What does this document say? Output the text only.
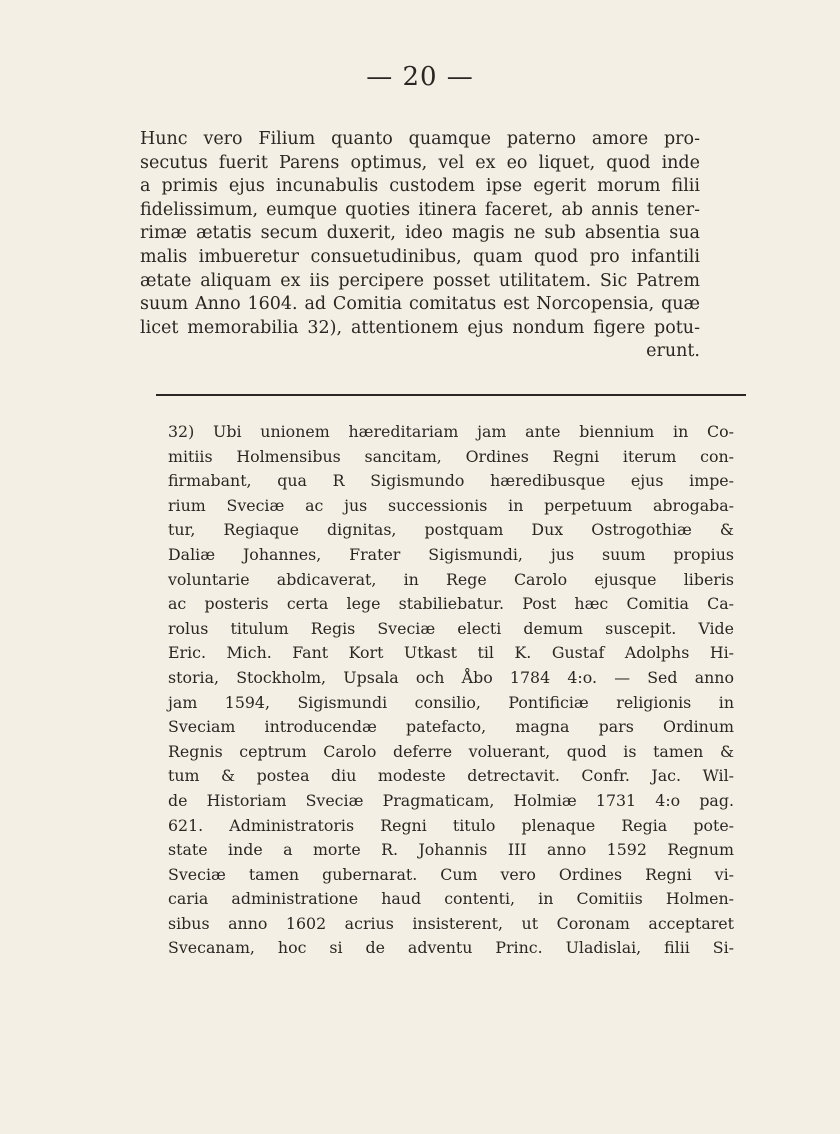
— 20 —
Hunc vero Filium quanto quamque paterno amore pro-
secutus fuerit Parens optimus, vel ex eo liquet, quod inde
a primis ejus incunabulis custodem ipse egerit morum filii
fidelissimum, eumque quoties itinera faceret, ab annis tener-
rimæ ætatis secum duxerit, ideo magis ne sub absentia sua
malis imbueretur consuetudinibus, quam quod pro infantili
ætate aliquam ex iis percipere posset utilitatem. Sic Patrem
suum Anno 1604. ad Comitia comitatus est Norcopensia, quæ
licet memorabilia 32), attentionem ejus nondum figere potu-
erunt.
32) Ubi unionem hæreditariam jam ante biennium in Co-
mitiis Holmensibus sancitam, Ordines Regni iterum con-
firmabant, qua R Sigismundo hæredibusque ejus impe-
rium Sveciæ ac jus successionis in perpetuum abrogaba-
tur, Regiaque dignitas, postquam Dux Ostrogothiæ &
Daliæ Johannes, Frater Sigismundi, jus suum propius
voluntarie abdicaverat, in Rege Carolo ejusque liberis
ac posteris certa lege stabiliebatur. Post hæc Comitia Ca-
rolus titulum Regis Sveciæ electi demum suscepit. Vide
Eric. Mich. Fant Kort Utkast til K. Gustaf Adolphs Hi-
storia, Stockholm, Upsala och Åbo 1784 4:o. — Sed anno
jam 1594, Sigismundi consilio, Pontificiæ religionis in
Sveciam introducendæ patefacto, magna pars Ordinum
Regnis ceptrum Carolo deferre voluerant, quod is tamen &
tum & postea diu modeste detrectavit. Confr. Jac. Wil-
de Historiam Sveciæ Pragmaticam, Holmiæ 1731 4:o pag.
621. Administratoris Regni titulo plenaque Regia pote-
state inde a morte R. Johannis III anno 1592 Regnum
Sveciæ tamen gubernarat. Cum vero Ordines Regni vi-
caria administratione haud contenti, in Comitiis Holmen-
sibus anno 1602 acrius insisterent, ut Coronam acceptaret
Svecanam, hoc si de adventu Princ. Uladislai, filii Si-
